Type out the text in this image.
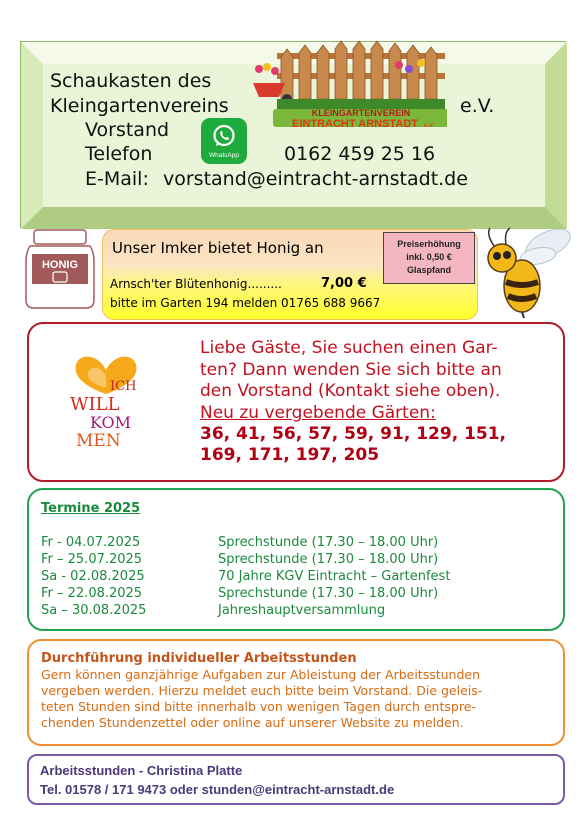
Schaukasten des
Kleingartenvereins	e.V.
Vorstand
Telefon	0162 459 25 16
E-Mail: vorstand@eintracht-arnstadt.de
WhatsApp
KLEINGARTENVEREIN
EINTRACHT ARNSTADT e.V.
HONIG
Unser Imker bietet Honig an
Arnsch'ter Blütenhonig.........	7,00 €
bitte im Garten 194 melden 01765 688 9667
Preiserhöhung
inkl. 0,50 €
Glaspfand
ICH
WILL
KOM
MEN
Liebe Gäste, Sie suchen einen Gar-
ten? Dann wenden Sie sich bitte an
den Vorstand (Kontakt siehe oben).
Neu zu vergebende Gärten:
36, 41, 56, 57, 59, 91, 129, 151,
169, 171, 197, 205
Termine 2025
Fr - 04.07.2025	Sprechstunde (17.30 – 18.00 Uhr)
Fr – 25.07.2025	Sprechstunde (17.30 – 18.00 Uhr)
Sa - 02.08.2025	70 Jahre KGV Eintracht – Gartenfest
Fr – 22.08.2025	Sprechstunde (17.30 – 18.00 Uhr)
Sa – 30.08.2025	Jahreshauptversammlung
Durchführung individueller Arbeitsstunden
Gern können ganzjährige Aufgaben zur Ableistung der Arbeitsstunden
vergeben werden. Hierzu meldet euch bitte beim Vorstand. Die geleis-
teten Stunden sind bitte innerhalb von wenigen Tagen durch entspre-
chenden Stundenzettel oder online auf unserer Website zu melden.
Arbeitsstunden - Christina Platte
Tel. 01578 / 171 9473 oder stunden@eintracht-arnstadt.de
